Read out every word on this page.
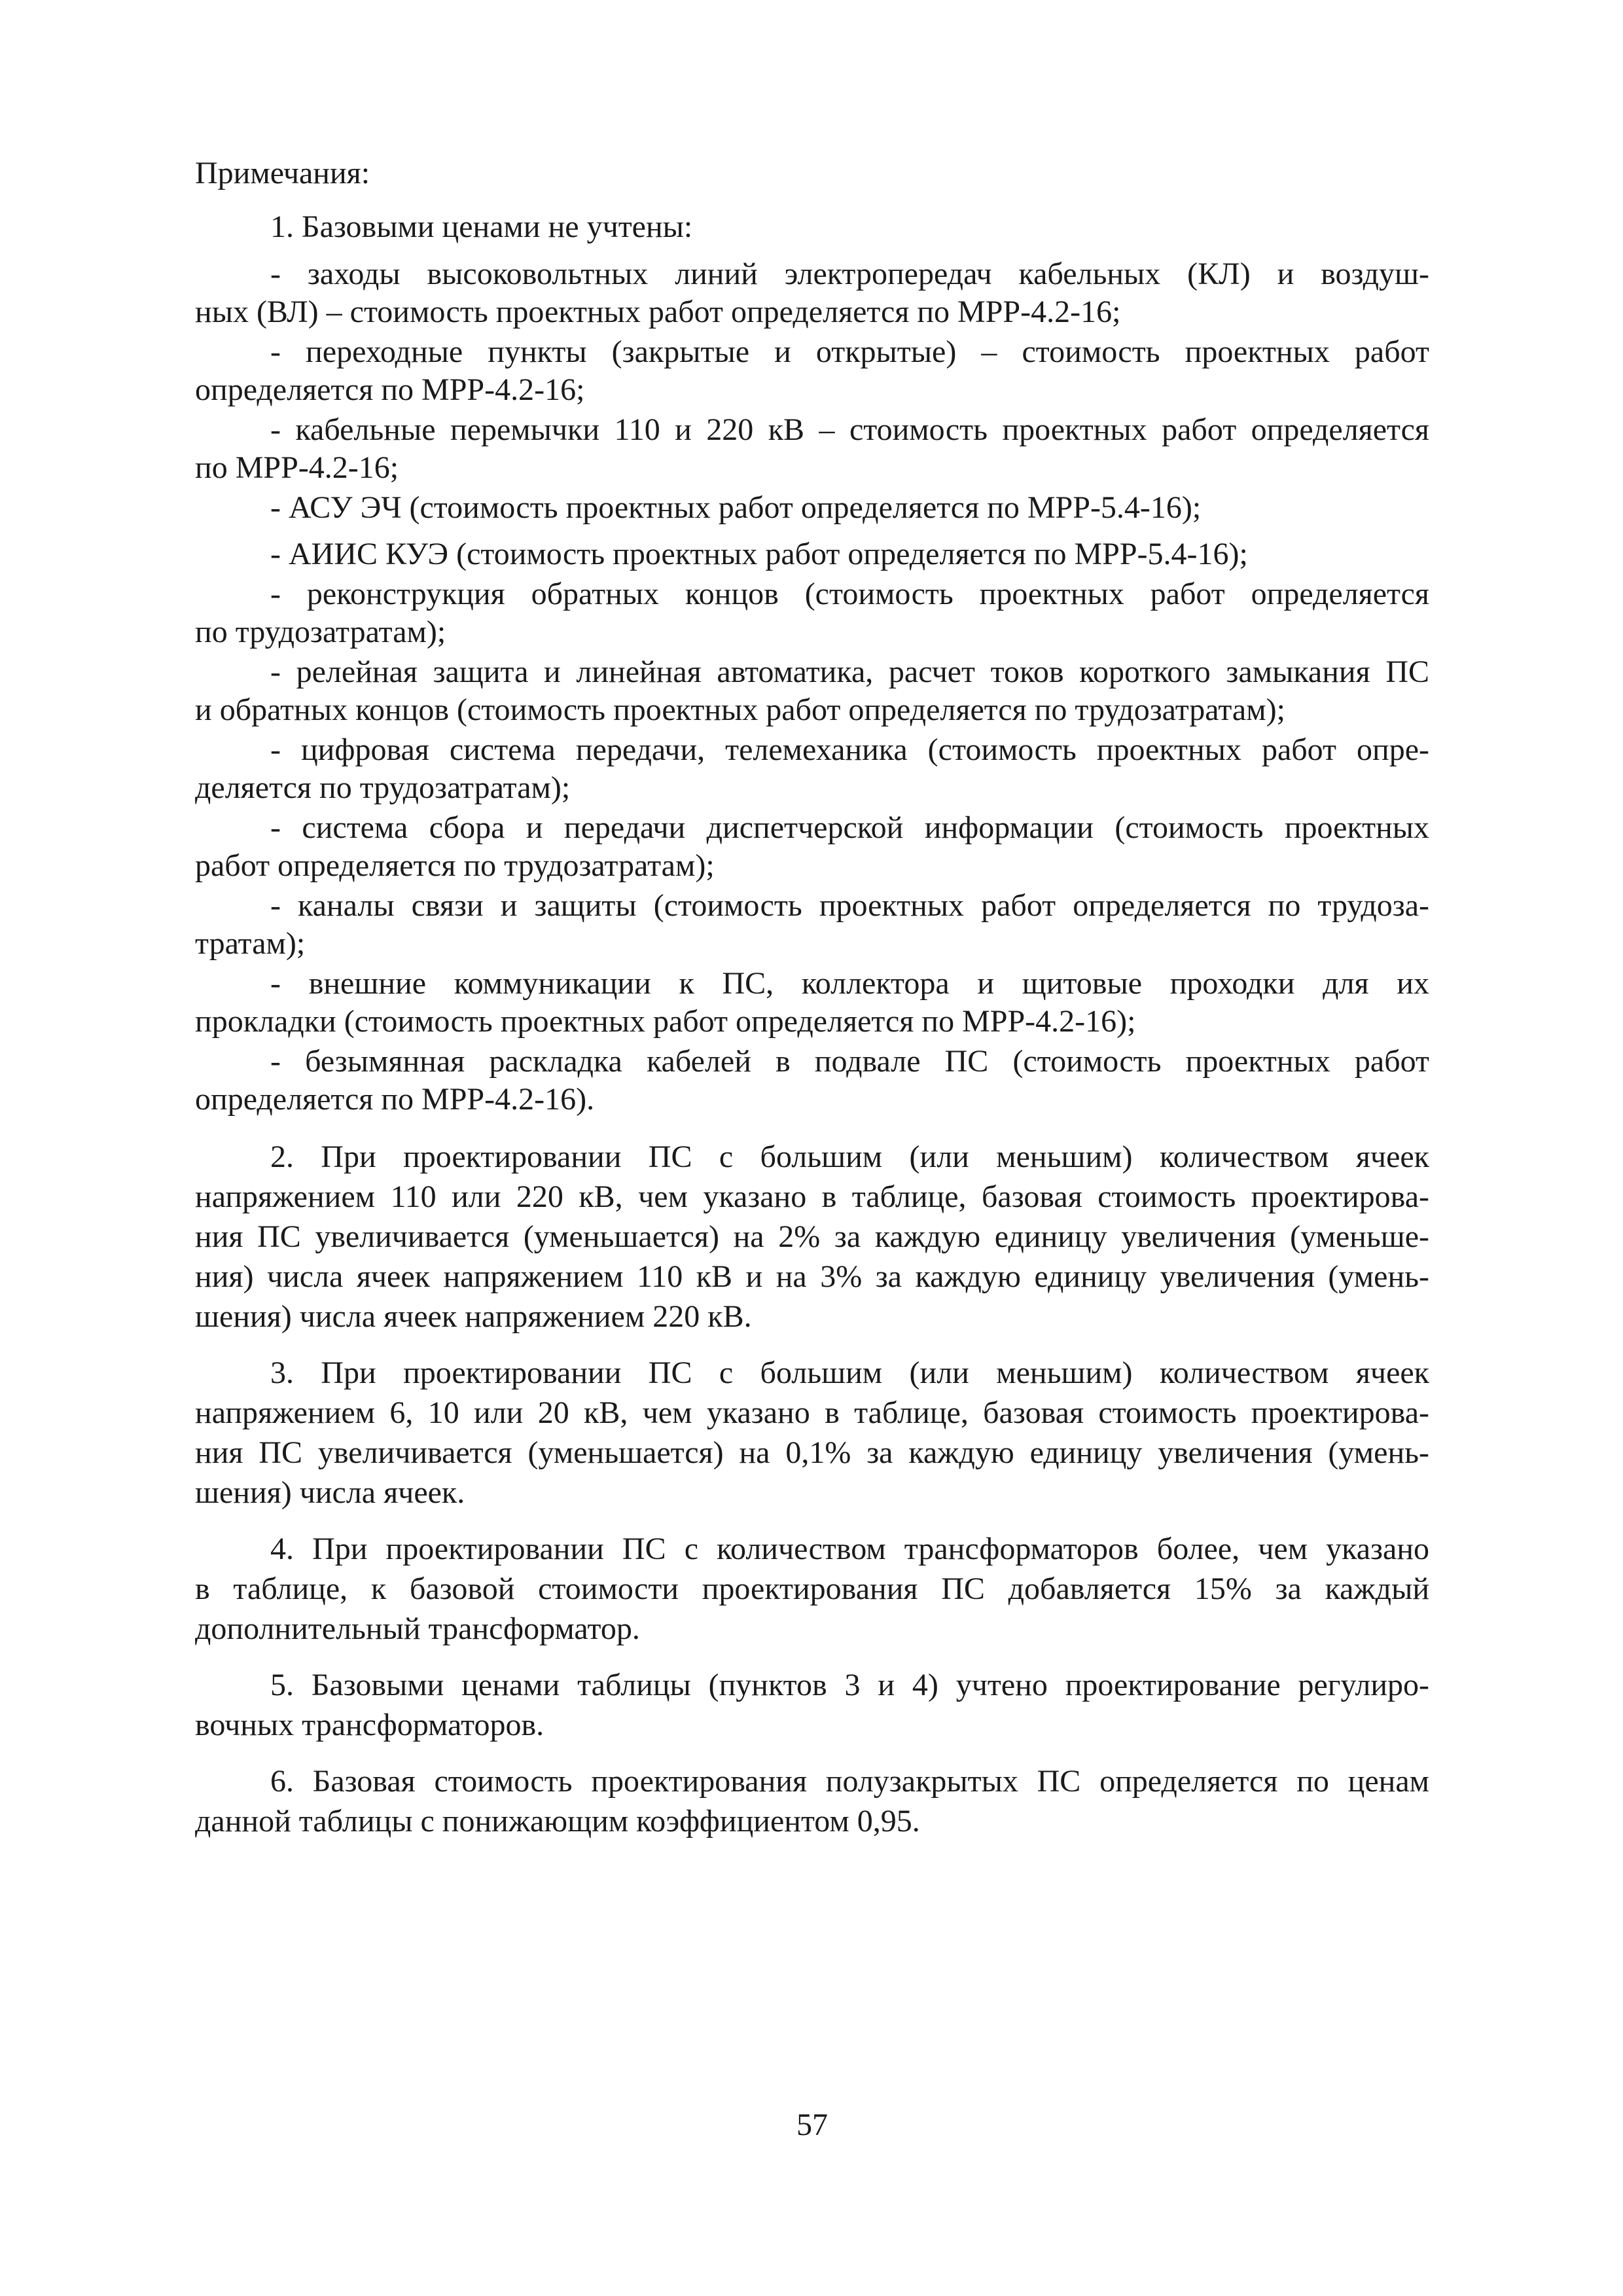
Примечания:
1. Базовыми ценами не учтены:
- заходы высоковольтных линий электропередач кабельных (КЛ) и воздуш-
ных (ВЛ) – стоимость проектных работ определяется по МРР-4.2-16;
- переходные пункты (закрытые и открытые) – стоимость проектных работ
определяется по МРР-4.2-16;
- кабельные перемычки 110 и 220 кВ – стоимость проектных работ определяется
по МРР-4.2-16;
- АСУ ЭЧ (стоимость проектных работ определяется по МРР-5.4-16);
- АИИС КУЭ (стоимость проектных работ определяется по МРР-5.4-16);
- реконструкция обратных концов (стоимость проектных работ определяется
по трудозатратам);
- релейная защита и линейная автоматика, расчет токов короткого замыкания ПС
и обратных концов (стоимость проектных работ определяется по трудозатратам);
- цифровая система передачи, телемеханика (стоимость проектных работ опре-
деляется по трудозатратам);
- система сбора и передачи диспетчерской информации (стоимость проектных
работ определяется по трудозатратам);
- каналы связи и защиты (стоимость проектных работ определяется по трудоза-
тратам);
- внешние коммуникации к ПС, коллектора и щитовые проходки для их
прокладки (стоимость проектных работ определяется по МРР-4.2-16);
- безымянная раскладка кабелей в подвале ПС (стоимость проектных работ
определяется по МРР-4.2-16).
2. При проектировании ПС с большим (или меньшим) количеством ячеек
напряжением 110 или 220 кВ, чем указано в таблице, базовая стоимость проектирова-
ния ПС увеличивается (уменьшается) на 2% за каждую единицу увеличения (уменьше-
ния) числа ячеек напряжением 110 кВ и на 3% за каждую единицу увеличения (умень-
шения) числа ячеек напряжением 220 кВ.
3. При проектировании ПС с большим (или меньшим) количеством ячеек
напряжением 6, 10 или 20 кВ, чем указано в таблице, базовая стоимость проектирова-
ния ПС увеличивается (уменьшается) на 0,1% за каждую единицу увеличения (умень-
шения) числа ячеек.
4. При проектировании ПС с количеством трансформаторов более, чем указано
в таблице, к базовой стоимости проектирования ПС добавляется 15% за каждый
дополнительный трансформатор.
5. Базовыми ценами таблицы (пунктов 3 и 4) учтено проектирование регулиро-
вочных трансформаторов.
6. Базовая стоимость проектирования полузакрытых ПС определяется по ценам
данной таблицы с понижающим коэффициентом 0,95.
57
